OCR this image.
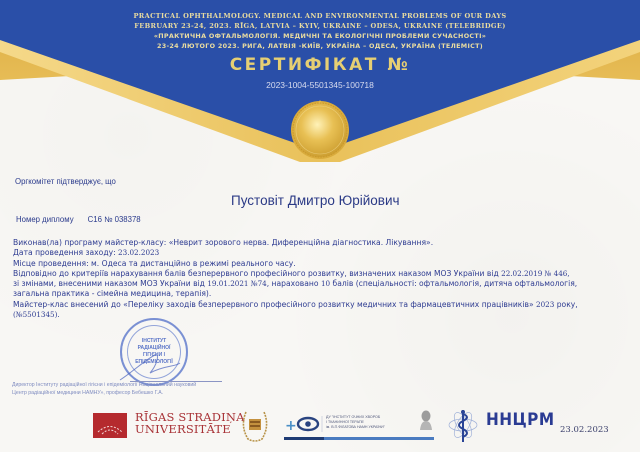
PRACTICAL OPHTHALMOLOGY. MEDICAL AND ENVIRONMENTAL PROBLEMS OF OUR DAYS
FEBRUARY 23-24, 2023. RĪGA, LATVIA – KYIV, UKRAINE – ODESA, UKRAINE (TELEBRIDGE)
«ПРАКТИЧНА ОФТАЛЬМОЛОГІЯ. МЕДИЧНІ ТА ЕКОЛОГІЧНІ ПРОБЛЕМИ СУЧАСНОСТІ»
23-24 ЛЮТОГО 2023. РИГА, ЛАТВІЯ -КИЇВ, УКРАЇНА – ОДЕСА, УКРАЇНА (ТЕЛЕМІСТ)
СЕРТИФІКАТ №
2023-1004-5501345-100718
Оргкомітет підтверджує, що
Пустовіт Дмитро Юрійович
Номер диплому С16 № 038378
Виконав(ла) програму майстер-класу: «Неврит зорового нерва. Диференційна діагностика. Лікування».
Дата проведення заходу: 23.02.2023
Місце проведення: м. Одеса та дистанційно в режимі реального часу.
Відповідно до критеріїв нарахування балів безперервного професійного розвитку, визначених наказом МОЗ України від 22.02.2019 № 446,
зі змінами, внесеними наказом МОЗ України від 19.01.2021 №74, нараховано 10 балів (спеціальності: офтальмологія, дитяча офтальмологія,
загальна практика - сімейна медицина, терапія).
Майстер-клас внесений до «Переліку заходів безперервного професійного розвитку медичних та фармацевтичних працівників» 2023 року,
(№5501345).
ІНСТИТУТ
РАДІАЦІЙНОЇ
ГІГІЄНИ І
ЕПІДЕМІОЛОГІЇ
Директор Інституту радіаційної гігієни і епідеміології Національний науковий
Центр радіаційної медицини НАМНУ», професор Бебешко Г.А.
RĪGAS STRADIŅA
UNIVERSITĀTE	+
ДУ "ІНСТИТУТ ОЧНИХ ХВОРОБ
І ТКАНИННОЇ ТЕРАПІЇ
ім. В.П.ФІЛАТОВА НАМН УКРАЇНИ"	ННЦРМ 23.02.2023
